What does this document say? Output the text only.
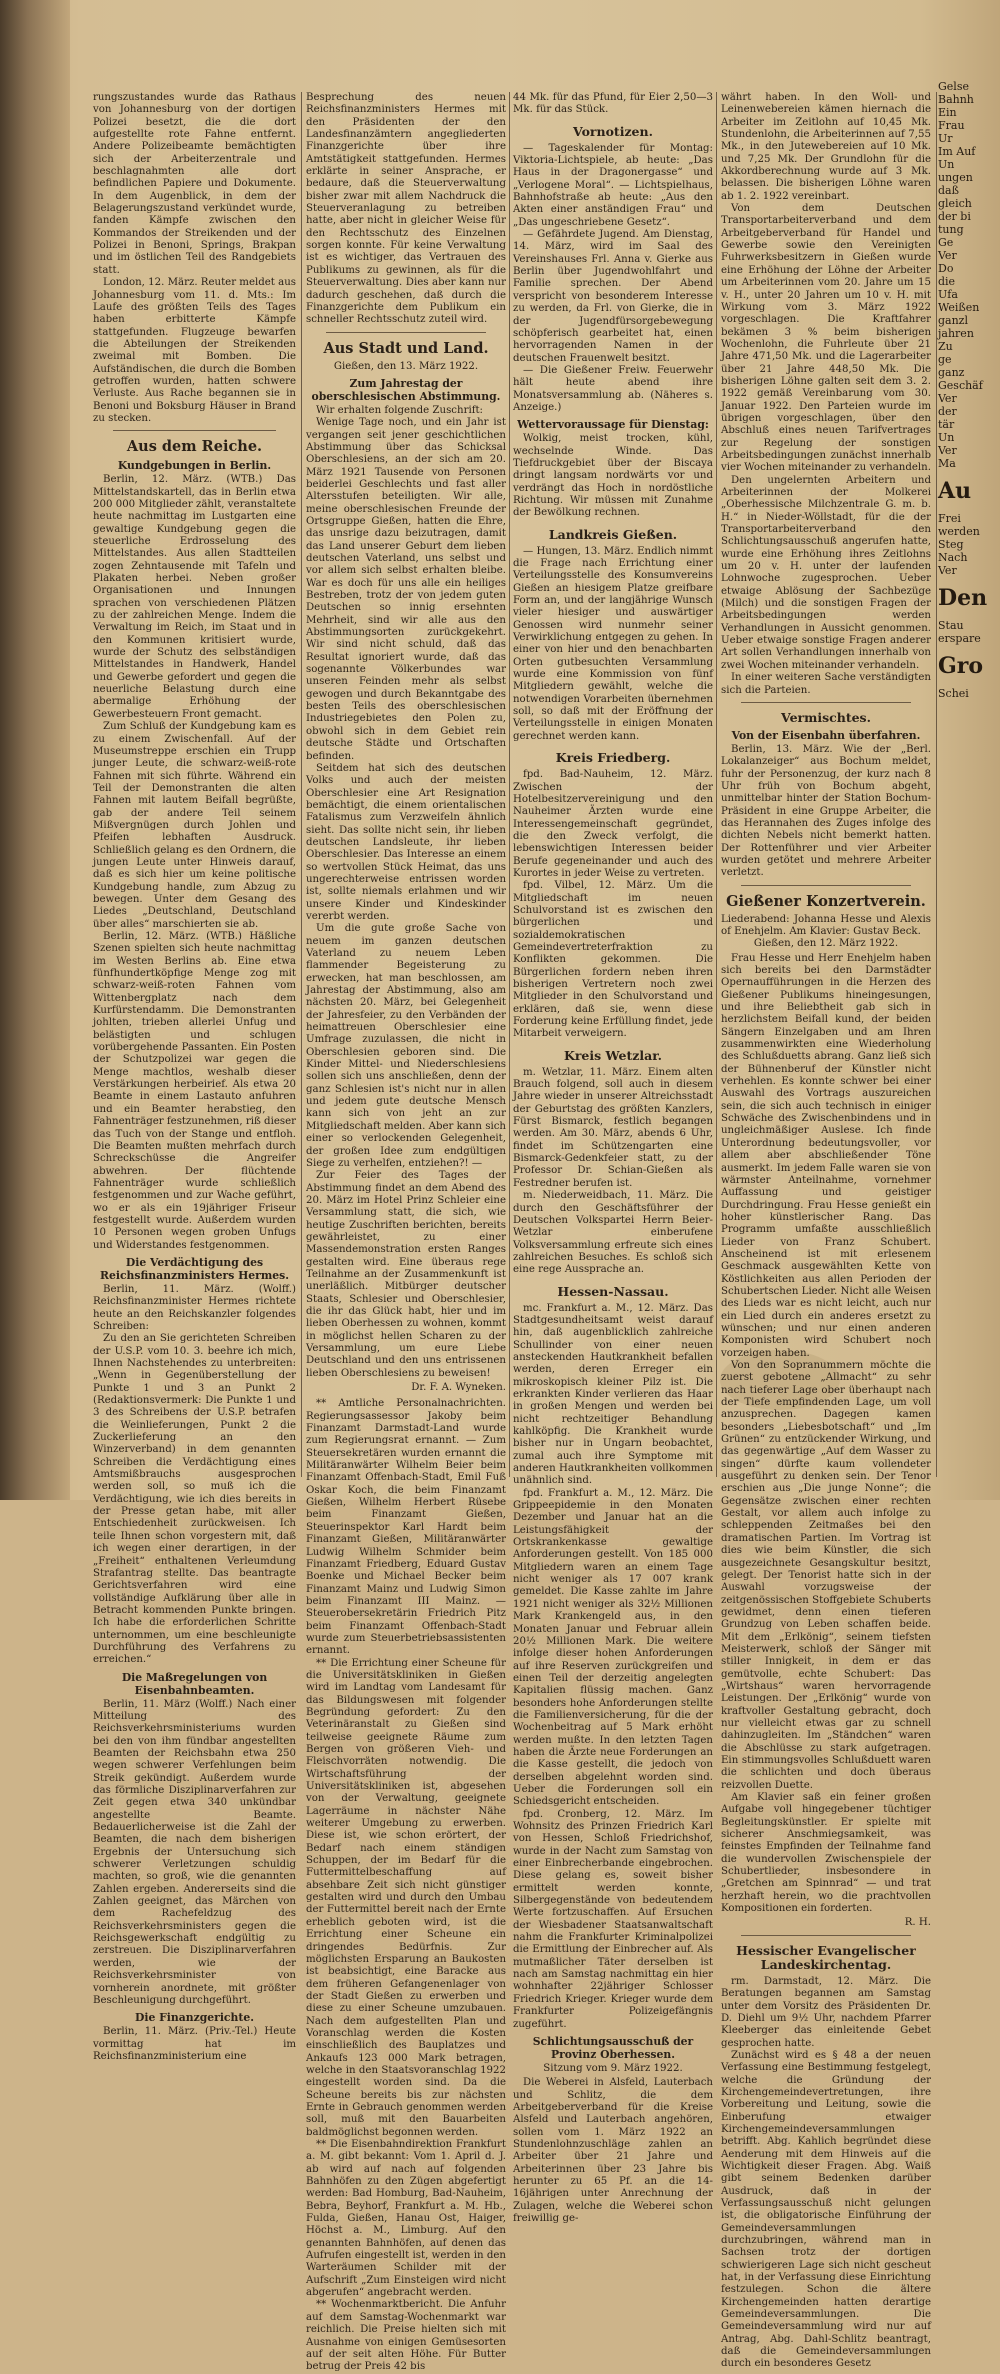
rungszustandes wurde das Rathaus von Johannesburg von der dortigen Polizei besetzt, die die dort aufgestellte rote Fahne entfernt. Andere Polizeibeamte bemächtigten sich der Arbeiterzentrale und beschlagnahmten alle dort befindlichen Papiere und Dokumente. In dem Augenblick, in dem der Belagerungszustand verkündet wurde, fanden Kämpfe zwischen den Kommandos der Streikenden und der Polizei in Benoni, Springs, Brakpan und im östlichen Teil des Randgebiets statt.

London, 12. März. Reuter meldet aus Johannesburg vom 11. d. Mts.: Im Laufe des größten Teils des Tages haben erbitterte Kämpfe stattgefunden. Flugzeuge bewarfen die Abteilungen der Streikenden zweimal mit Bomben. Die Aufständischen, die durch die Bomben getroffen wurden, hatten schwere Verluste. Aus Rache begannen sie in Benoni und Boksburg Häuser in Brand zu stecken.

Aus dem Reiche.
Kundgebungen in Berlin.

Berlin, 12. März. (WTB.) Das Mittelstandskartell, das in Berlin etwa 200 000 Mitglieder zählt, veranstaltete heute nachmittag im Lustgarten eine gewaltige Kundgebung gegen die steuerliche Erdrosselung des Mittelstandes. Aus allen Stadtteilen zogen Zehntausende mit Tafeln und Plakaten herbei. Neben großer Organisationen und Innungen sprachen von verschiedenen Plätzen zu der zahlreichen Menge. Indem die Verwaltung im Reich, im Staat und in den Kommunen kritisiert wurde, wurde der Schutz des selbständigen Mittelstandes in Handwerk, Handel und Gewerbe gefordert und gegen die neuerliche Belastung durch eine abermalige Erhöhung der Gewerbesteuern Front gemacht.

Zum Schluß der Kundgebung kam es zu einem Zwischenfall. Auf der Museumstreppe erschien ein Trupp junger Leute, die schwarz-weiß-rote Fahnen mit sich führte. Während ein Teil der Demonstranten die alten Fahnen mit lautem Beifall begrüßte, gab der andere Teil seinem Mißvergnügen durch Johlen und Pfeifen lebhaften Ausdruck. Schließlich gelang es den Ordnern, die jungen Leute unter Hinweis darauf, daß es sich hier um keine politische Kundgebung handle, zum Abzug zu bewegen. Unter dem Gesang des Liedes „Deutschland, Deutschland über alles“ marschierten sie ab.

Berlin, 12. März. (WTB.) Häßliche Szenen spielten sich heute nachmittag im Westen Berlins ab. Eine etwa fünfhundertköpfige Menge zog mit schwarz-weiß-roten Fahnen vom Wittenbergplatz nach dem Kurfürstendamm. Die Demonstranten johlten, trieben allerlei Unfug und belästigten und schlugen vorübergehende Passanten. Ein Posten der Schutzpolizei war gegen die Menge machtlos, weshalb dieser Verstärkungen herbeirief. Als etwa 20 Beamte in einem Lastauto anfuhren und ein Beamter herabstieg, den Fahnenträger festzunehmen, riß dieser das Tuch von der Stange und entfloh. Die Beamten mußten mehrfach durch Schreckschüsse die Angreifer abwehren. Der flüchtende Fahnenträger wurde schließlich festgenommen und zur Wache geführt, wo er als ein 19jähriger Friseur festgestellt wurde. Außerdem wurden 10 Personen wegen groben Unfugs und Widerstandes festgenommen.

Die Verdächtigung des Reichsfinanzministers Hermes.

Berlin, 11. März. (Wolff.) Reichsfinanzminister Hermes richtete heute an den Reichskanzler folgendes Schreiben:

Zu den an Sie gerichteten Schreiben der U.S.P. vom 10. 3. beehre ich mich, Ihnen Nachstehendes zu unterbreiten: „Wenn in Gegenüberstellung der Punkte 1 und 3 an Punkt 2 (Redaktionsvermerk: Die Punkte 1 und 3 des Schreibens der U.S.P. betrafen die Weinlieferungen, Punkt 2 die Zuckerlieferung an den Winzerverband) in dem genannten Schreiben die Verdächtigung eines Amtsmißbrauchs ausgesprochen werden soll, so muß ich die Verdächtigung, wie ich dies bereits in der Presse getan habe, mit aller Entschiedenheit zurückweisen. Ich teile Ihnen schon vorgestern mit, daß ich wegen einer derartigen, in der „Freiheit“ enthaltenen Verleumdung Strafantrag stellte. Das beantragte Gerichtsverfahren wird eine vollständige Aufklärung über alle in Betracht kommenden Punkte bringen. Ich habe die erforderlichen Schritte unternommen, um eine beschleunigte Durchführung des Verfahrens zu erreichen.“

Die Maßregelungen von Eisenbahnbeamten.

Berlin, 11. März (Wolff.) Nach einer Mitteilung des Reichsverkehrsministeriums wurden bei den von ihm fündbar angestellten Beamten der Reichsbahn etwa 250 wegen schwerer Verfehlungen beim Streik gekündigt. Außerdem wurde das förmliche Disziplinarverfahren zur Zeit gegen etwa 340 unkündbar angestellte Beamte. Bedauerlicherweise ist die Zahl der Beamten, die nach dem bisherigen Ergebnis der Untersuchung sich schwerer Verletzungen schuldig machten, so groß, wie die genannten Zahlen ergeben. Andererseits sind die Zahlen geeignet, das Märchen von dem Rachefeldzug des Reichsverkehrsministers gegen die Reichsgewerkschaft endgültig zu zerstreuen. Die Disziplinarverfahren werden, wie der Reichsverkehrsminister von vornherein anordnete, mit größter Beschleunigung durchgeführt.

Die Finanzgerichte.

Berlin, 11. März. (Priv.-Tel.) Heute vormittag hat im Reichsfinanzministerium eine

Besprechung des neuen Reichsfinanzministers Hermes mit den Präsidenten der den Landesfinanzämtern angegliederten Finanzgerichte über ihre Amtstätigkeit stattgefunden. Hermes erklärte in seiner Ansprache, er bedaure, daß die Steuerverwaltung bisher zwar mit allem Nachdruck die Steuerveranlagung zu betreiben hatte, aber nicht in gleicher Weise für den Rechtsschutz des Einzelnen sorgen konnte. Für keine Verwaltung ist es wichtiger, das Vertrauen des Publikums zu gewinnen, als für die Steuerverwaltung. Dies aber kann nur dadurch geschehen, daß durch die Finanzgerichte dem Publikum ein schneller Rechtsschutz zuteil wird.

Aus Stadt und Land.
Gießen, den 13. März 1922.
Zum Jahrestag der oberschlesischen Abstimmung.

Wir erhalten folgende Zuschrift:

Wenige Tage noch, und ein Jahr ist vergangen seit jener geschichtlichen Abstimmung über das Schicksal Oberschlesiens, an der sich am 20. März 1921 Tausende von Personen beiderlei Geschlechts und fast aller Altersstufen beteiligten. Wir alle, meine oberschlesischen Freunde der Ortsgruppe Gießen, hatten die Ehre, das unsrige dazu beizutragen, damit das Land unserer Geburt dem lieben deutschen Vaterland, uns selbst und vor allem sich selbst erhalten bleibe. War es doch für uns alle ein heiliges Bestreben, trotz der von jedem guten Deutschen so innig ersehnten Mehrheit, sind wir alle aus den Abstimmungsorten zurückgekehrt. Wir sind nicht schuld, daß das Resultat ignoriert wurde, daß das sogenannte Völkerbundes war unseren Feinden mehr als selbst gewogen und durch Bekanntgabe des besten Teils des oberschlesischen Industriegebietes den Polen zu, obwohl sich in dem Gebiet rein deutsche Städte und Ortschaften befinden.

Seitdem hat sich des deutschen Volks und auch der meisten Oberschlesier eine Art Resignation bemächtigt, die einem orientalischen Fatalismus zum Verzweifeln ähnlich sieht. Das sollte nicht sein, ihr lieben deutschen Landsleute, ihr lieben Oberschlesier. Das Interesse an einem so wertvollen Stück Heimat, das uns ungerechterweise entrissen worden ist, sollte niemals erlahmen und wir unsere Kinder und Kindeskinder vererbt werden.

Um die gute große Sache von neuem im ganzen deutschen Vaterland zu neuem Leben flammender Begeisterung zu erwecken, hat man beschlossen, am Jahrestag der Abstimmung, also am nächsten 20. März, bei Gelegenheit der Jahresfeier, zu den Verbänden der heimattreuen Oberschlesier eine Umfrage zuzulassen, die nicht in Oberschlesien geboren sind. Die Kinder Mittel- und Niederschlesiens sollen sich uns anschließen, denn der ganz Schlesien ist's nicht nur in allen und jedem gute deutsche Mensch kann sich von jeht an zur Mitgliedschaft melden. Aber kann sich einer so verlockenden Gelegenheit, der großen Idee zum endgültigen Siege zu verhelfen, entziehen?! —

Zur Feier des Tages der Abstimmung findet an dem Abend des 20. März im Hotel Prinz Schleier eine Versammlung statt, die sich, wie heutige Zuschriften berichten, bereits gewährleistet, zu einer Massendemonstration ersten Ranges gestalten wird. Eine überaus rege Teilnahme an der Zusammenkunft ist unerläßlich. Mitbürger deutscher Staats, Schlesier und Oberschlesier, die ihr das Glück habt, hier und im lieben Oberhessen zu wohnen, kommt in möglichst hellen Scharen zu der Versammlung, um eure Liebe Deutschland und den uns entrissenen lieben Oberschlesiens zu beweisen!

Dr. F. A. Wyneken.

** Amtliche Personalnachrichten. Regierungsassessor Jakoby beim Finanzamt Darmstadt-Land wurde zum Regierungsrat ernannt. — Zum Steuersekretären wurden ernannt die Militäranwärter Wilhelm Beier beim Finanzamt Offenbach-Stadt, Emil Fuß Oskar Koch, die beim Finanzamt Gießen, Wilhelm Herbert Rüsebe beim Finanzamt Gießen, Steuerinspektor Karl Hardt beim Finanzamt Gießen, Militäranwärter Ludwig Wilhelm Schmider beim Finanzamt Friedberg, Eduard Gustav Boenke und Michael Becker beim Finanzamt Mainz und Ludwig Simon beim Finanzamt III Mainz. — Steuerobersekretärin Friedrich Pitz beim Finanzamt Offenbach-Stadt wurde zum Steuerbetriebsassistenten ernannt.

** Die Errichtung einer Scheune für die Universitätskliniken in Gießen wird im Landtag vom Landesamt für das Bildungswesen mit folgender Begründung gefordert: Zu den Veterinäranstalt zu Gießen sind teilweise geeignete Räume zum Bergen von größeren Vieh- und Fleischvorräten notwendig. Die Wirtschaftsführung der Universitätskliniken ist, abgesehen von der Verwaltung, geeignete Lagerräume in nächster Nähe weiterer Umgebung zu erwerben. Diese ist, wie schon erörtert, der Bedarf nach einem ständigen Schuppen, der im Bedarf für die Futtermittelbeschaffung auf absehbare Zeit sich nicht günstiger gestalten wird und durch den Umbau der Futtermittel bereit nach der Ernte erheblich geboten wird, ist die Errichtung einer Scheune ein dringendes Bedürfnis. Zur möglichsten Ersparung an Baukosten ist beabsichtigt, eine Baracke aus dem früheren Gefangenenlager von der Stadt Gießen zu erwerben und diese zu einer Scheune umzubauen. Nach dem aufgestellten Plan und Voranschlag werden die Kosten einschließlich des Bauplatzes und Ankaufs 123 000 Mark betragen, welche in den Staatsvoranschlag 1922 eingestellt worden sind. Da die Scheune bereits bis zur nächsten Ernte in Gebrauch genommen werden soll, muß mit den Bauarbeiten baldmöglichst begonnen werden.

** Die Eisenbahndirektion Frankfurt a. M. gibt bekannt: Vom 1. April d. J. ab wird auf nach auf folgenden Bahnhöfen zu den Zügen abgefertigt werden: Bad Homburg, Bad-Nauheim, Bebra, Beyhorf, Frankfurt a. M. Hb., Fulda, Gießen, Hanau Ost, Haiger, Höchst a. M., Limburg. Auf den genannten Bahnhöfen, auf denen das Aufrufen eingestellt ist, werden in den Warteräumen Schilder mit der Aufschrift „Zum Einsteigen wird nicht abgerufen“ angebracht werden.

** Wochenmarktbericht. Die Anfuhr auf dem Samstag-Wochenmarkt war reichlich. Die Preise hielten sich mit Ausnahme von einigen Gemüsesorten auf der seit alten Höhe. Für Butter betrug der Preis 42 bis

44 Mk. für das Pfund, für Eier 2,50—3 Mk. für das Stück.

Vornotizen.

— Tageskalender für Montag: Viktoria-Lichtspiele, ab heute: „Das Haus in der Dragonergasse“ und „Verlogene Moral“. — Lichtspielhaus, Bahnhofstraße ab heute: „Aus den Akten einer anständigen Frau“ und „Das ungeschriebene Gesetz“.

— Gefährdete Jugend. Am Dienstag, 14. März, wird im Saal des Vereinshauses Frl. Anna v. Gierke aus Berlin über Jugendwohlfahrt und Familie sprechen. Der Abend verspricht von besonderem Interesse zu werden, da Frl. von Gierke, die in der Jugendfürsorgebewegung schöpferisch gearbeitet hat, einen hervorragenden Namen in der deutschen Frauenwelt besitzt.

— Die Gießener Freiw. Feuerwehr hält heute abend ihre Monatsversammlung ab. (Näheres s. Anzeige.)

Wettervoraussage für Dienstag:

Wolkig, meist trocken, kühl, wechselnde Winde. Das Tiefdruckgebiet über der Biscaya dringt langsam nordwärts vor und verdrängt das Hoch in nordöstliche Richtung. Wir müssen mit Zunahme der Bewölkung rechnen.

Landkreis Gießen.

— Hungen, 13. März. Endlich nimmt die Frage nach Errichtung einer Verteilungsstelle des Konsumvereins Gießen an hiesigem Platze greifbare Form an, und der langjährige Wunsch vieler hiesiger und auswärtiger Genossen wird nunmehr seiner Verwirklichung entgegen zu gehen. In einer von hier und den benachbarten Orten gutbesuchten Versammlung wurde eine Kommission von fünf Mitgliedern gewählt, welche die notwendigen Vorarbeiten übernehmen soll, so daß mit der Eröffnung der Verteilungsstelle in einigen Monaten gerechnet werden kann.

Kreis Friedberg.

fpd. Bad-Nauheim, 12. März. Zwischen der Hotelbesitzervereinigung und den Nauheimer Ärzten wurde eine Interessengemeinschaft gegründet, die den Zweck verfolgt, die lebenswichtigen Interessen beider Berufe gegeneinander und auch des Kurortes in jeder Weise zu vertreten.

fpd. Vilbel, 12. März. Um die Mitgliedschaft im neuen Schulvorstand ist es zwischen den bürgerlichen und sozialdemokratischen Gemeindevertreterfraktion zu Konflikten gekommen. Die Bürgerlichen fordern neben ihren bisherigen Vertretern noch zwei Mitglieder in den Schulvorstand und erklären, daß sie, wenn diese Forderung keine Erfüllung findet, jede Mitarbeit verweigern.

Kreis Wetzlar.

m. Wetzlar, 11. März. Einem alten Brauch folgend, soll auch in diesem Jahre wieder in unserer Altreichsstadt der Geburtstag des größten Kanzlers, Fürst Bismarck, festlich begangen werden. Am 30. März, abends 6 Uhr, findet im Schützengarten eine Bismarck-Gedenkfeier statt, zu der Professor Dr. Schian-Gießen als Festredner berufen ist.

m. Niederweidbach, 11. März. Die durch den Geschäftsführer der Deutschen Volkspartei Herrn Beier-Wetzlar einberufene Volksversammlung erfreute sich eines zahlreichen Besuches. Es schloß sich eine rege Aussprache an.

Hessen-Nassau.

mc. Frankfurt a. M., 12. März. Das Stadtgesundheitsamt weist darauf hin, daß augenblicklich zahlreiche Schullinder von einer neuen ansteckenden Hautkrankheit befallen werden, deren Erreger ein mikroskopisch kleiner Pilz ist. Die erkrankten Kinder verlieren das Haar in großen Mengen und werden bei nicht rechtzeitiger Behandlung kahlköpfig. Die Krankheit wurde bisher nur in Ungarn beobachtet, zumal auch ihre Symptome mit anderen Hautkrankheiten vollkommen unähnlich sind.

fpd. Frankfurt a. M., 12. März. Die Grippeepidemie in den Monaten Dezember und Januar hat an die Leistungsfähigkeit der Ortskrankenkasse gewaltige Anforderungen gestellt. Von 185 000 Mitgliedern waren an einem Tage nicht weniger als 17 007 krank gemeldet. Die Kasse zahlte im Jahre 1921 nicht weniger als 32½ Millionen Mark Krankengeld aus, in den Monaten Januar und Februar allein 20½ Millionen Mark. Die weitere infolge dieser hohen Anforderungen auf ihre Reserven zurückgreifen und einen Teil der derzeitig angelegten Kapitalien flüssig machen. Ganz besonders hohe Anforderungen stellte die Familienversicherung, für die der Wochenbeitrag auf 5 Mark erhöht werden mußte. In den letzten Tagen haben die Ärzte neue Forderungen an die Kasse gestellt, die jedoch von derselben abgelehnt worden sind. Ueber die Forderungen soll ein Schiedsgericht entscheiden.

fpd. Cronberg, 12. März. Im Wohnsitz des Prinzen Friedrich Karl von Hessen, Schloß Friedrichshof, wurde in der Nacht zum Samstag von einer Einbrecherbande eingebrochen. Diese gelang es, soweit bisher ermittelt werden konnte, Silbergegenstände von bedeutendem Werte fortzuschaffen. Auf Ersuchen der Wiesbadener Staatsanwaltschaft nahm die Frankfurter Kriminalpolizei die Ermittlung der Einbrecher auf. Als mutmaßlicher Täter derselben ist nach am Samstag nachmittag ein hier wohnhafter 22jähriger Schlosser Friedrich Krieger. Krieger wurde dem Frankfurter Polizeigefängnis zugeführt.

Schlichtungsausschuß der Provinz Oberhessen.
Sitzung vom 9. März 1922.

Die Weberei in Alsfeld, Lauterbach und Schlitz, die dem Arbeitgeberverband für die Kreise Alsfeld und Lauterbach angehören, sollen vom 1. März 1922 an Stundenlohnzuschläge zahlen an Arbeiter über 21 Jahre und Arbeiterinnen über 23 Jahre bis herunter zu 65 Pf. an die 14-16jährigen unter Anrechnung der Zulagen, welche die Weberei schon freiwillig ge-

währt haben. In den Woll- und Leinenwebereien kämen hiernach die Arbeiter im Zeitlohn auf 10,45 Mk. Stundenlohn, die Arbeiterinnen auf 7,55 Mk., in den Jutewebereien auf 10 Mk. und 7,25 Mk. Der Grundlohn für die Akkordberechnung wurde auf 3 Mk. belassen. Die bisherigen Löhne waren ab 1. 2. 1922 vereinbart.

Von dem Deutschen Transportarbeiterverband und dem Arbeitgeberverband für Handel und Gewerbe sowie den Vereinigten Fuhrwerksbesitzern in Gießen wurde eine Erhöhung der Löhne der Arbeiter um Arbeiterinnen vom 20. Jahre um 15 v. H., unter 20 Jahren um 10 v. H. mit Wirkung vom 3. März 1922 vorgeschlagen. Die Kraftfahrer bekämen 3 % beim bisherigen Wochenlohn, die Fuhrleute über 21 Jahre 471,50 Mk. und die Lagerarbeiter über 21 Jahre 448,50 Mk. Die bisherigen Löhne galten seit dem 3. 2. 1922 gemäß Vereinbarung vom 30. Januar 1922. Den Parteien wurde im übrigen vorgeschlagen, über den Abschluß eines neuen Tarifvertrages zur Regelung der sonstigen Arbeitsbedingungen zunächst innerhalb vier Wochen miteinander zu verhandeln.

Den ungelernten Arbeitern und Arbeiterinnen der Molkerei „Oberhessische Milchzentrale G. m. b. H.“ in Nieder-Wöllstadt, für die der Transportarbeiterverband den Schlichtungsausschuß angerufen hatte, wurde eine Erhöhung ihres Zeitlohns um 20 v. H. unter der laufenden Lohnwoche zugesprochen. Ueber etwaige Ablösung der Sachbezüge (Milch) und die sonstigen Fragen der Arbeitsbedingungen werden Verhandlungen in Aussicht genommen. Ueber etwaige sonstige Fragen anderer Art sollen Verhandlungen innerhalb von zwei Wochen miteinander verhandeln.

In einer weiteren Sache verständigten sich die Parteien.

Vermischtes.
Von der Eisenbahn überfahren.

Berlin, 13. März. Wie der „Berl. Lokalanzeiger“ aus Bochum meldet, fuhr der Personenzug, der kurz nach 8 Uhr früh von Bochum abgeht, unmittelbar hinter der Station Bochum-Präsident in eine Gruppe Arbeiter, die das Herannahen des Zuges infolge des dichten Nebels nicht bemerkt hatten. Der Rottenführer und vier Arbeiter wurden getötet und mehrere Arbeiter verletzt.

Gießener Konzertverein.

Liederabend: Johanna Hesse und Alexis of Enehjelm. Am Klavier: Gustav Beck.

Gießen, den 12. März 1922.

Frau Hesse und Herr Enehjelm haben sich bereits bei den Darmstädter Opernaufführungen in die Herzen des Gießener Publikums hineingesungen, und ihre Beliebtheit gab sich in herzlichstem Beifall kund, der beiden Sängern Einzelgaben und am Ihren zusammenwirkten eine Wiederholung des Schlußduetts abrang. Ganz ließ sich der Bühnenberuf der Künstler nicht verhehlen. Es konnte schwer bei einer Auswahl des Vortrags auszureichen sein, die sich auch technisch in einiger Schwäche des Zwischenbindens und in ungleichmäßiger Auslese. Ich finde Unterordnung bedeutungsvoller, vor allem aber abschließender Töne ausmerkt. Im jedem Falle waren sie von wärmster Anteilnahme, vornehmer Auffassung und geistiger Durchdringung. Frau Hesse genießt ein hoher künstlerischer Rang. Das Programm umfaßte ausschließlich Lieder von Franz Schubert. Anscheinend ist mit erlesenem Geschmack ausgewählten Kette von Köstlichkeiten aus allen Perioden der Schubertschen Lieder. Nicht alle Weisen des Lieds war es nicht leicht, auch nur ein Lied durch ein anderes ersetzt zu wünschen; und nur einen anderen Komponisten wird Schubert noch vorzeigen haben.

Von den Sopranummern möchte die zuerst gebotene „Allmacht“ zu sehr nach tieferer Lage ober überhaupt nach der Tiefe empfindenden Lage, um voll anzusprechen. Dagegen kamen besonders „Liebesbotschaft“ und „Im Grünen“ zu entzückender Wirkung, und das gegenwärtige „Auf dem Wasser zu singen“ dürfte kaum vollendeter ausgeführt zu denken sein. Der Tenor erschien aus „Die junge Nonne“; die Gegensätze zwischen einer rechten Gestalt, vor allem auch infolge zu schleppenden Zeitmaßes bei den dramatischen Partien. Im Vortrag ist dies wie beim Künstler, die sich ausgezeichnete Gesangskultur besitzt, gelegt. Der Tenorist hatte sich in der Auswahl vorzugsweise der zeitgenössischen Stoffgebiete Schuberts gewidmet, denn einen tieferen Grundzug von Leben schaffen beide. Mit dem „Erlkönig“, seinem tiefsten Meisterwerk, schloß der Sänger mit stiller Innigkeit, in dem er das gemütvolle, echte Schubert: Das „Wirtshaus“ waren hervorragende Leistungen. Der „Erlkönig“ wurde von kraftvoller Gestaltung gebracht, doch nur vielleicht etwas gar zu schnell dahinzugleiten. Im „Ständchen“ waren die Abschlüsse zu stark aufgetragen. Ein stimmungsvolles Schlußduett waren die schlichten und doch überaus reizvollen Duette.

Am Klavier saß ein feiner großen Aufgabe voll hingegebener tüchtiger Begleitungskünstler. Er spielte mit sicherer Anschmiegsamkeit, was feinstes Empfinden der Teilnahme fand die wundervollen Zwischenspiele der Schubertlieder, insbesondere in „Gretchen am Spinnrad“ — und trat herzhaft herein, wo die prachtvollen Kompositionen ein forderten.

R. H.
Hessischer Evangelischer Landeskirchentag.

rm. Darmstadt, 12. März. Die Beratungen begannen am Samstag unter dem Vorsitz des Präsidenten Dr. D. Diehl um 9½ Uhr, nachdem Pfarrer Kleeberger das einleitende Gebet gesprochen hatte.

Zunächst wird es § 48 a der neuen Verfassung eine Bestimmung festgelegt, welche die Gründung der Kirchengemeindevertretungen, ihre Vorbereitung und Leitung, sowie die Einberufung etwaiger Kirchengemeindeversammlungen betrifft. Abg. Kahlich begründet diese Aenderung mit dem Hinweis auf die Wichtigkeit dieser Fragen. Abg. Waiß gibt seinem Bedenken darüber Ausdruck, daß in der Verfassungsausschuß nicht gelungen ist, die obligatorische Einführung der Gemeindeversammlungen durchzubringen, während man in Sachsen trotz der dortigen schwierigeren Lage sich nicht gescheut hat, in der Verfassung diese Einrichtung festzulegen. Schon die ältere Kirchengemeinden hatten derartige Gemeindeversammlungen. Die Gemeindeversammlung wird nur auf Antrag, Abg. Dahl-Schlitz beantragt, daß die Gemeindeversammlungen durch ein besonderes Gesetz

Gelse
Bahnh
Ein
Frau
Ur
Im Auf
Un
ungen
daß
gleich
der bi
tung
Ge
Ver
Do
die
Ufa
Weißen
ganzl
jahren
Zu
ge
ganz
Geschäf
Ver
der
tär
Un
Ver
Ma
Au
Frei
werden
Steg
Nach
Ver
Den
Stau
erspare
Gro
Schei
